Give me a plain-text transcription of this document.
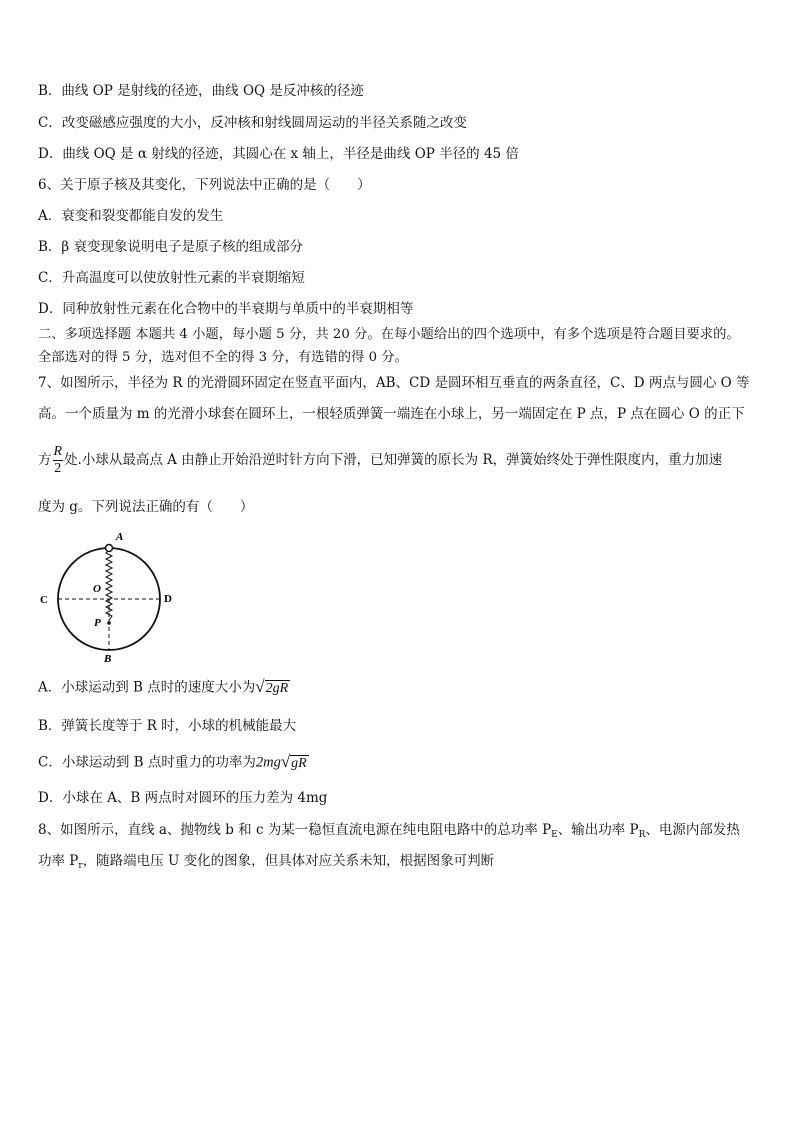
B．曲线 OP 是射线的径迹，曲线 OQ 是反冲核的径迹
C．改变磁感应强度的大小，反冲核和射线圆周运动的半径关系随之改变
D．曲线 OQ 是 α 射线的径迹，其圆心在 x 轴上，半径是曲线 OP 半径的 45 倍
6、关于原子核及其变化，下列说法中正确的是（　　）
A．衰变和裂变都能自发的发生
B．β 衰变现象说明电子是原子核的组成部分
C．升高温度可以使放射性元素的半衰期缩短
D．同种放射性元素在化合物中的半衰期与单质中的半衰期相等
二、多项选择题 本题共 4 小题，每小题 5 分，共 20 分。在每小题给出的四个选项中，有多个选项是符合题目要求的。
全部选对的得 5 分，选对但不全的得 3 分，有选错的得 0 分。
7、如图所示，半径为 R 的光滑圆环固定在竖直平面内，AB、CD 是圆环相互垂直的两条直径，C、D 两点与圆心 O 等
高。一个质量为 m 的光滑小球套在圆环上，一根轻质弹簧一端连在小球上，另一端固定在 P 点，P 点在圆心 O 的正下
方 $\frac{R}{2}$ 处.小球从最高点 A 由静止开始沿逆时针方向下滑，已知弹簧的原长为 R，弹簧始终处于弹性限度内，重力加速
度为 g。下列说法正确的有（　　）
A
C	D
O
P
B
A．小球运动到 B 点时的速度大小为√2gR
B．弹簧长度等于 R 时，小球的机械能最大
C．小球运动到 B 点时重力的功率为2mg√gR
D．小球在 A、B 两点时对圆环的压力差为 4mg
8、如图所示，直线 a、抛物线 b 和 c 为某一稳恒直流电源在纯电阻电路中的总功率 $P_E$、输出功率 $P_R$、电源内部发热
功率 $P_r$，随路端电压 U 变化的图象，但具体对应关系未知，根据图象可判断
